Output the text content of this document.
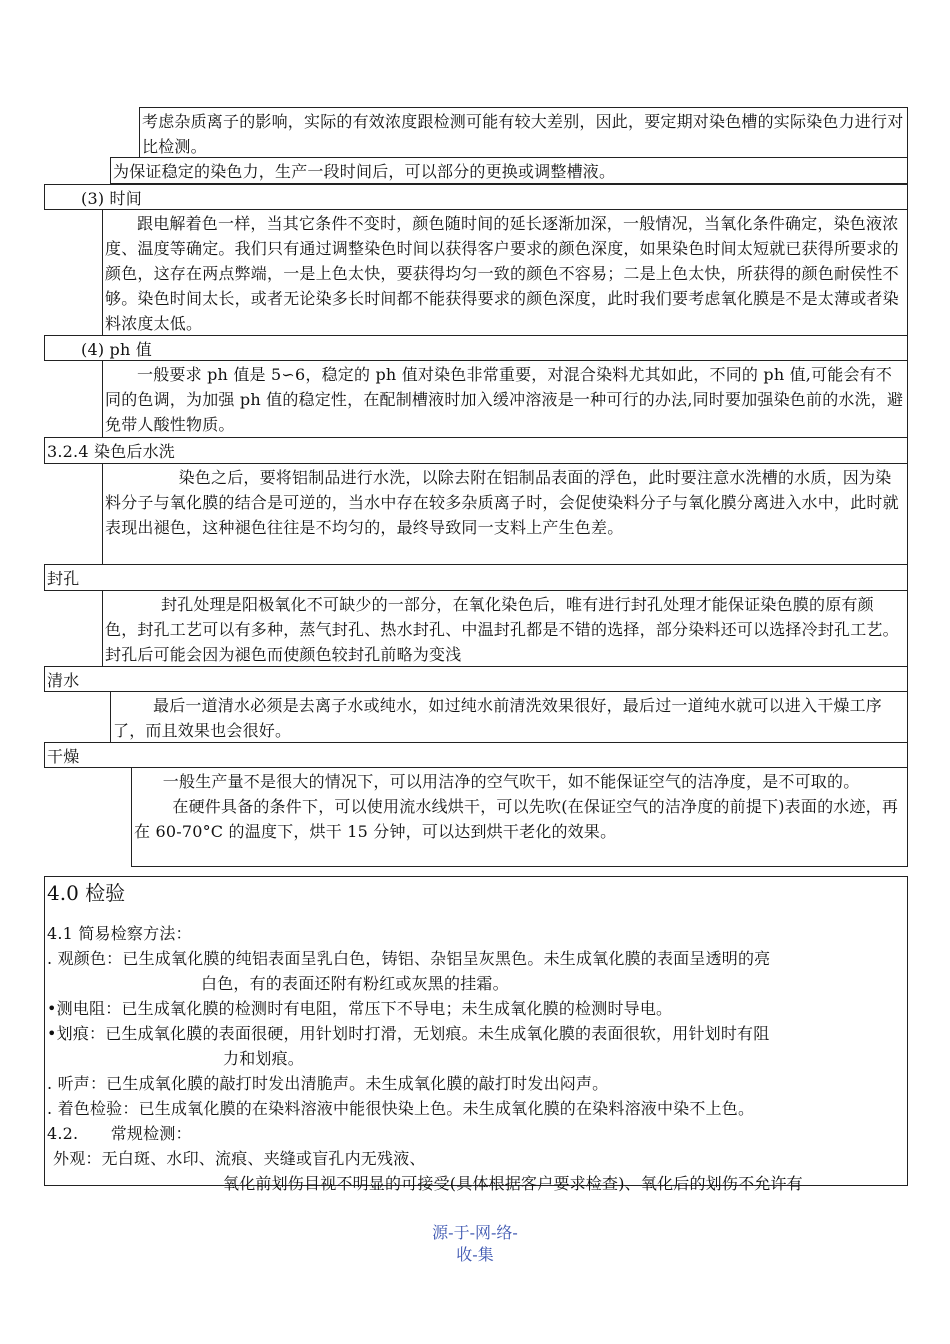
考虑杂质离子的影响，实际的有效浓度跟检测可能有较大差别，因此，要定期对染色槽的实际染色力进行对比检测。

为保证稳定的染色力，生产一段时间后，可以部分的更换或调整槽液。

(3) 时间

跟电解着色一样，当其它条件不变时，颜色随时间的延长逐渐加深，一般情况，当氧化条件确定，染色液浓度、温度等确定。我们只有通过调整染色时间以获得客户要求的颜色深度，如果染色时间太短就已获得所要求的颜色，这存在两点弊端，一是上色太快，要获得均匀一致的颜色不容易；二是上色太快，所获得的颜色耐侯性不够。染色时间太长，或者无论染多长时间都不能获得要求的颜色深度，此时我们要考虑氧化膜是不是太薄或者染料浓度太低。

(4) ph 值

一般要求 ph 值是 5∽6，稳定的 ph 值对染色非常重要，对混合染料尤其如此，不同的 ph 值,可能会有不同的色调，为加强 ph 值的稳定性，在配制槽液时加入缓冲溶液是一种可行的办法,同时要加强染色前的水洗，避免带人酸性物质。

3.2.4 染色后水洗

染色之后，要将铝制品进行水洗，以除去附在铝制品表面的浮色，此时要注意水洗槽的水质，因为染料分子与氧化膜的结合是可逆的，当水中存在较多杂质离子时，会促使染料分子与氧化膜分离进入水中，此时就表现出褪色，这种褪色往往是不均匀的，最终导致同一支料上产生色差。

封孔

封孔处理是阳极氧化不可缺少的一部分，在氧化染色后，唯有进行封孔处理才能保证染色膜的原有颜色，封孔工艺可以有多种，蒸气封孔、热水封孔、中温封孔都是不错的选择，部分染料还可以选择冷封孔工艺。封孔后可能会因为褪色而使颜色较封孔前略为变浅

清水

最后一道清水必须是去离子水或纯水，如过纯水前清洗效果很好，最后过一道纯水就可以进入干燥工序了，而且效果也会很好。

干燥

一般生产量不是很大的情况下，可以用洁净的空气吹干，如不能保证空气的洁净度，是不可取的。

在硬件具备的条件下，可以使用流水线烘干，可以先吹(在保证空气的洁净度的前提下)表面的水迹，再在 60-70°C 的温度下，烘干 15 分钟，可以达到烘干老化的效果。

4.0 检验

4.1 简易检察方法：

. 观颜色：已生成氧化膜的纯铝表面呈乳白色，铸铝、杂铝呈灰黑色。未生成氧化膜的表面呈透明的亮

白色，有的表面还附有粉红或灰黑的挂霜。

•测电阻：已生成氧化膜的检测时有电阻，常压下不导电；未生成氧化膜的检测时导电。

•划痕：已生成氧化膜的表面很硬，用针划时打滑，无划痕。未生成氧化膜的表面很软，用针划时有阻

力和划痕。

. 听声：已生成氧化膜的敲打时发出清脆声。未生成氧化膜的敲打时发出闷声。

. 着色检验：已生成氧化膜的在染料溶液中能很快染上色。未生成氧化膜的在染料溶液中染不上色。

4.2.　　常规检测：

外观：无白斑、水印、流痕、夹缝或盲孔内无残液、

氧化前划伤目视不明显的可接受(具体根据客户要求检查)、氧化后的划伤不允许有

源-于-网-络-
收-集
